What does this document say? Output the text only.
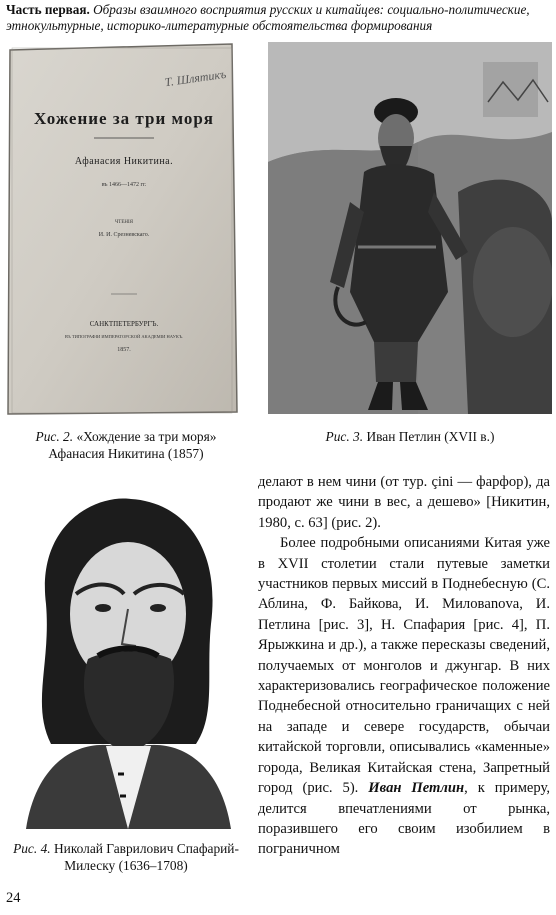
Часть первая. Образы взаимного восприятия русских и китайцев: социально-политические, этнокультурные, историко-литературные обстоятельства формирования
Т. Шлятикъ
Хожение за три моря
Афанасия Никитина.
въ 1466—1472 гг.
ЧТЕНІЯ
И. И. Срезневскаго.
САНКТПЕТЕРБУРГЪ.
ВЪ ТИПОГРАФІИ ИМПЕРАТОРСКОЙ АКАДЕМІИ НАУКЪ.
1857.
Рис. 2. «Хождение за три моря» Афанасия Никитина (1857)
Рис. 3. Иван Петлин (XVII в.)
Рис. 4. Николай Гаврилович Спафарий-Милеску (1636–1708)

делают в нем чини (от тур. çini — фарфор), да продают же чини в вес, а дешево» [Никитин, 1980, с. 63] (рис. 2).

Более подробными описаниями Китая уже в XVII столетии стали путевые заметки участников первых миссий в Поднебесную (С. Аблина, Ф. Байкова, И. Миловanova, И. Петлина [рис. 3], Н. Спафария [рис. 4], П. Ярыжкина и др.), а также пересказы сведений, получаемых от монголов и джунгар. В них характеризовались географическое положение Поднебесной относительно граничащих с ней на западе и севере государств, обычаи китайской торговли, описывались «каменные» города, Великая Китайская стена, Запретный город (рис. 5). Иван Петлин, к примеру, делится впечатлениями от рынка, поразившего его своим изобилием в пограничном

24
